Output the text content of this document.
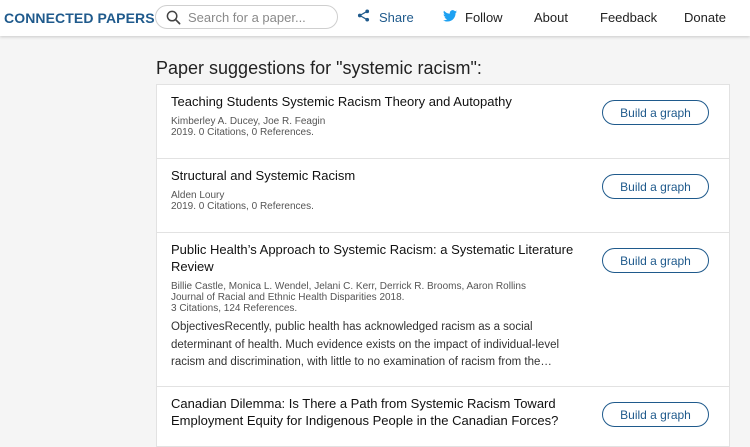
CONNECTED PAPERS
Search for a paper...	Share	Follow About Feedback Donate
Paper suggestions for "systemic racism":
Teaching Students Systemic Racism Theory and Autopathy
Kimberley A. Ducey, Joe R. Feagin
2019. 0 Citations, 0 References.
Build a graph
Structural and Systemic Racism
Alden Loury
2019. 0 Citations, 0 References.
Build a graph
Public Health’s Approach to Systemic Racism: a Systematic Literature Review
Billie Castle, Monica L. Wendel, Jelani C. Kerr, Derrick R. Brooms, Aaron Rollins
Journal of Racial and Ethnic Health Disparities 2018.
3 Citations, 124 References.
ObjectivesRecently, public health has acknowledged racism as a social determinant of health. Much evidence exists on the impact of individual-level racism and discrimination, with little to no examination of racism from the…
Build a graph
Canadian Dilemma: Is There a Path from Systemic Racism Toward Employment Equity for Indigenous People in the Canadian Forces?	Build a graph
